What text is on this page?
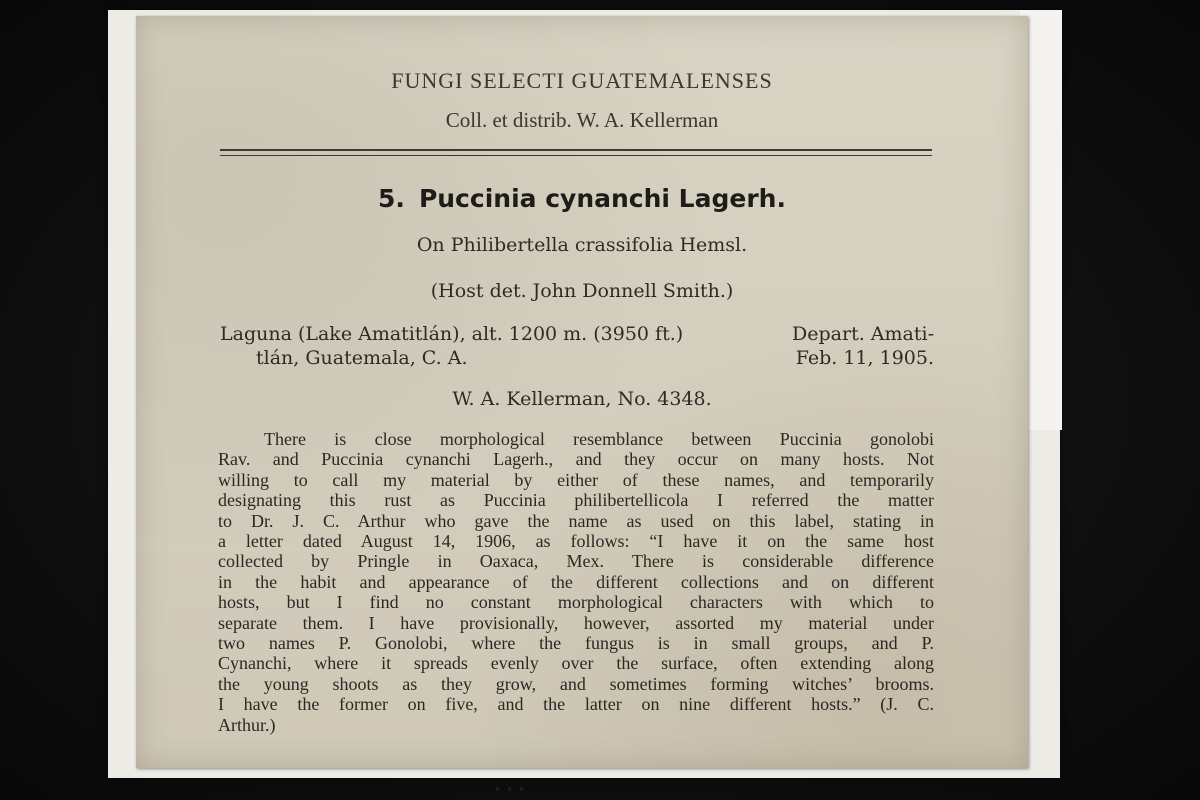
FUNGI SELECTI GUATEMALENSES
Coll. et distrib. W. A. Kellerman
5. Puccinia cynanchi Lagerh.
On Philibertella crassifolia Hemsl.
(Host det. John Donnell Smith.)
Laguna (Lake Amatitlán), alt. 1200 m. (3950 ft.)	Depart. Amati-
tlán, Guatemala, C. A.	Feb. 11, 1905.
W. A. Kellerman, No. 4348.
There is close morphological resemblance between Puccinia gonolobi
Rav. and Puccinia cynanchi Lagerh., and they occur on many hosts. Not
willing to call my material by either of these names, and temporarily
designating this rust as Puccinia philibertellicola I referred the matter
to Dr. J. C. Arthur who gave the name as used on this label, stating in
a letter dated August 14, 1906, as follows: “I have it on the same host
collected by Pringle in Oaxaca, Mex. There is considerable difference
in the habit and appearance of the different collections and on different
hosts, but I find no constant morphological characters with which to
separate them. I have provisionally, however, assorted my material under
two names P. Gonolobi, where the fungus is in small groups, and P.
Cynanchi, where it spreads evenly over the surface, often extending along
the young shoots as they grow, and sometimes forming witches’ brooms.
I have the former on five, and the latter on nine different hosts.” (J. C.
Arthur.)
